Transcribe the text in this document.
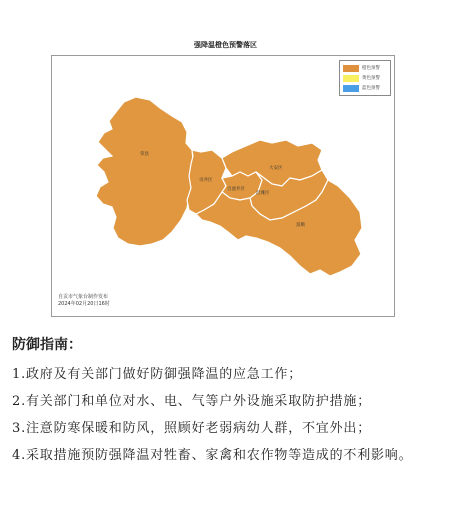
强降温橙色预警落区
荣县
贡井区
大安区
自流井区
沿滩区
富顺
橙色预警
黄色预警
蓝色预警
自贡市气象台制作发布
2024年02月20日16时
防御指南：
1.政府及有关部门做好防御强降温的应急工作；
2.有关部门和单位对水、电、气等户外设施采取防护措施；
3.注意防寒保暖和防风，照顾好老弱病幼人群，不宜外出；
4.采取措施预防强降温对牲畜、家禽和农作物等造成的不利影响。
